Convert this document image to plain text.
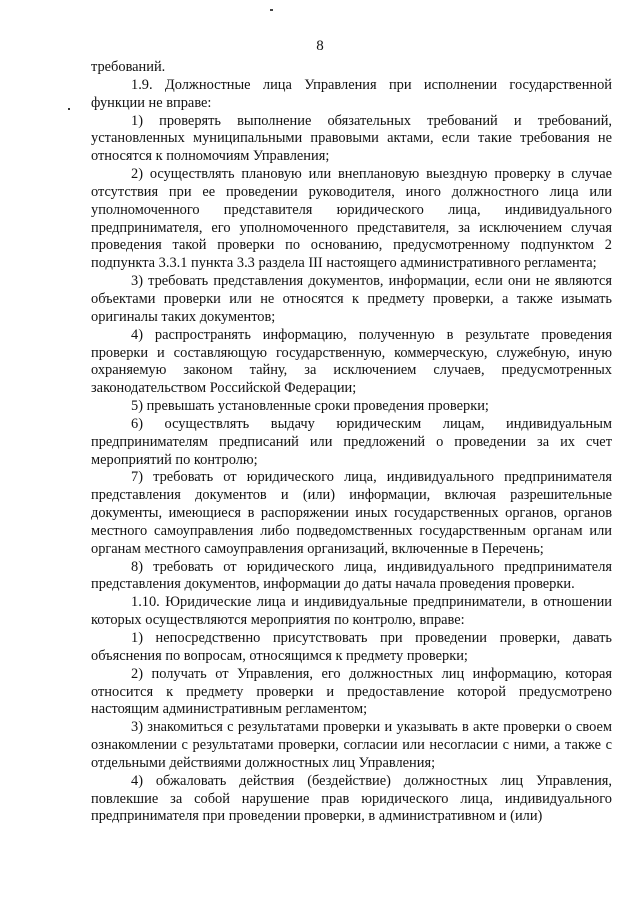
8

требований.

1.9. Должностные лица Управления при исполнении государственной функции не вправе:

1) проверять выполнение обязательных требований и требований, установленных муниципальными правовыми актами, если такие требования не относятся к полномочиям Управления;

2) осуществлять плановую или внеплановую выездную проверку в случае отсутствия при ее проведении руководителя, иного должностного лица или уполномоченного представителя юридического лица, индивидуального предпринимателя, его уполномоченного представителя, за исключением случая проведения такой проверки по основанию, предусмотренному подпунктом 2 подпункта 3.3.1 пункта 3.3 раздела III настоящего административного регламента;

3) требовать представления документов, информации, если они не являются объектами проверки или не относятся к предмету проверки, а также изымать оригиналы таких документов;

4) распространять информацию, полученную в результате проведения проверки и составляющую государственную, коммерческую, служебную, иную охраняемую законом тайну, за исключением случаев, предусмотренных законодательством Российской Федерации;

5) превышать установленные сроки проведения проверки;

6) осуществлять выдачу юридическим лицам, индивидуальным предпринимателям предписаний или предложений о проведении за их счет мероприятий по контролю;

7) требовать от юридического лица, индивидуального предпринимателя представления документов и (или) информации, включая разрешительные документы, имеющиеся в распоряжении иных государственных органов, органов местного самоуправления либо подведомственных государственным органам или органам местного самоуправления организаций, включенные в Перечень;

8) требовать от юридического лица, индивидуального предпринимателя представления документов, информации до даты начала проведения проверки.

1.10. Юридические лица и индивидуальные предприниматели, в отношении которых осуществляются мероприятия по контролю, вправе:

1) непосредственно присутствовать при проведении проверки, давать объяснения по вопросам, относящимся к предмету проверки;

2) получать от Управления, его должностных лиц информацию, которая относится к предмету проверки и предоставление которой предусмотрено настоящим административным регламентом;

3) знакомиться с результатами проверки и указывать в акте проверки о своем ознакомлении с результатами проверки, согласии или несогласии с ними, а также с отдельными действиями должностных лиц Управления;

4) обжаловать действия (бездействие) должностных лиц Управления, повлекшие за собой нарушение прав юридического лица, индивидуального предпринимателя при проведении проверки, в административном и (или)
